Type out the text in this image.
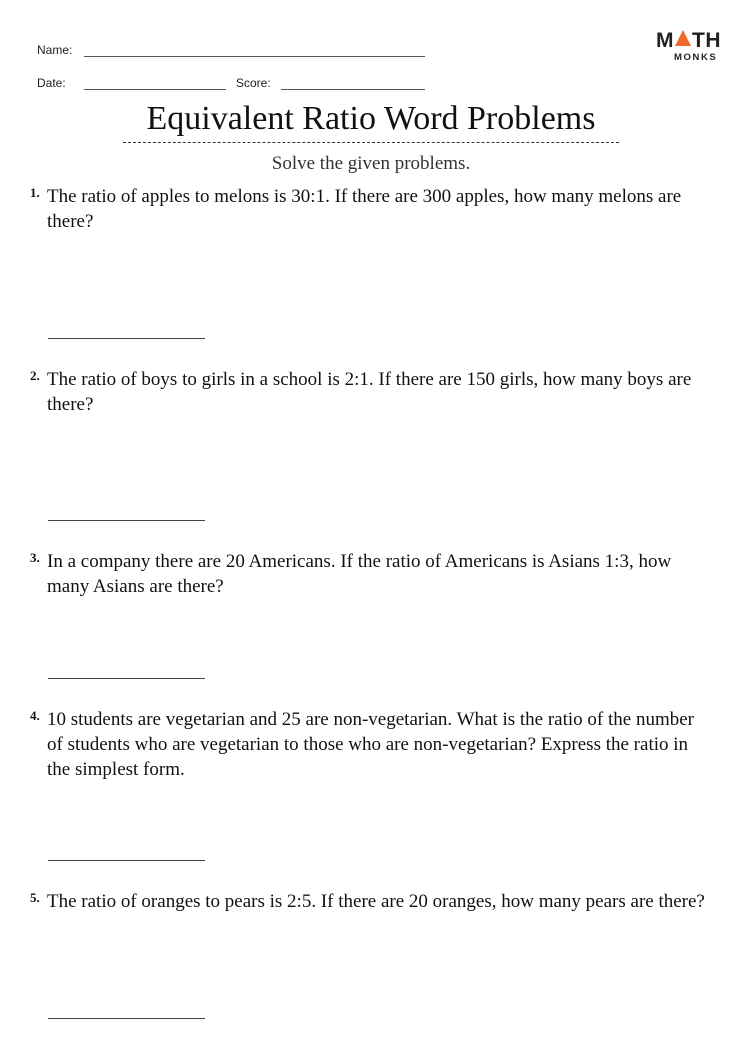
Name:
Date:	Score:
M TH
MONKS
Equivalent Ratio Word Problems
Solve the given problems.
1. The ratio of apples to melons is 30:1. If there are 300 apples, how many melons are there?
2. The ratio of boys to girls in a school is 2:1. If there are 150 girls, how many boys are there?
3. In a company there are 20 Americans. If the ratio of Americans is Asians 1:3, how many Asians are there?
4. 10 students are vegetarian and 25 are non-vegetarian. What is the ratio of the number of students who are vegetarian to those who are non-vegetarian? Express the ratio in the simplest form.
5. The ratio of oranges to pears is 2:5. If there are 20 oranges, how many pears are there?
